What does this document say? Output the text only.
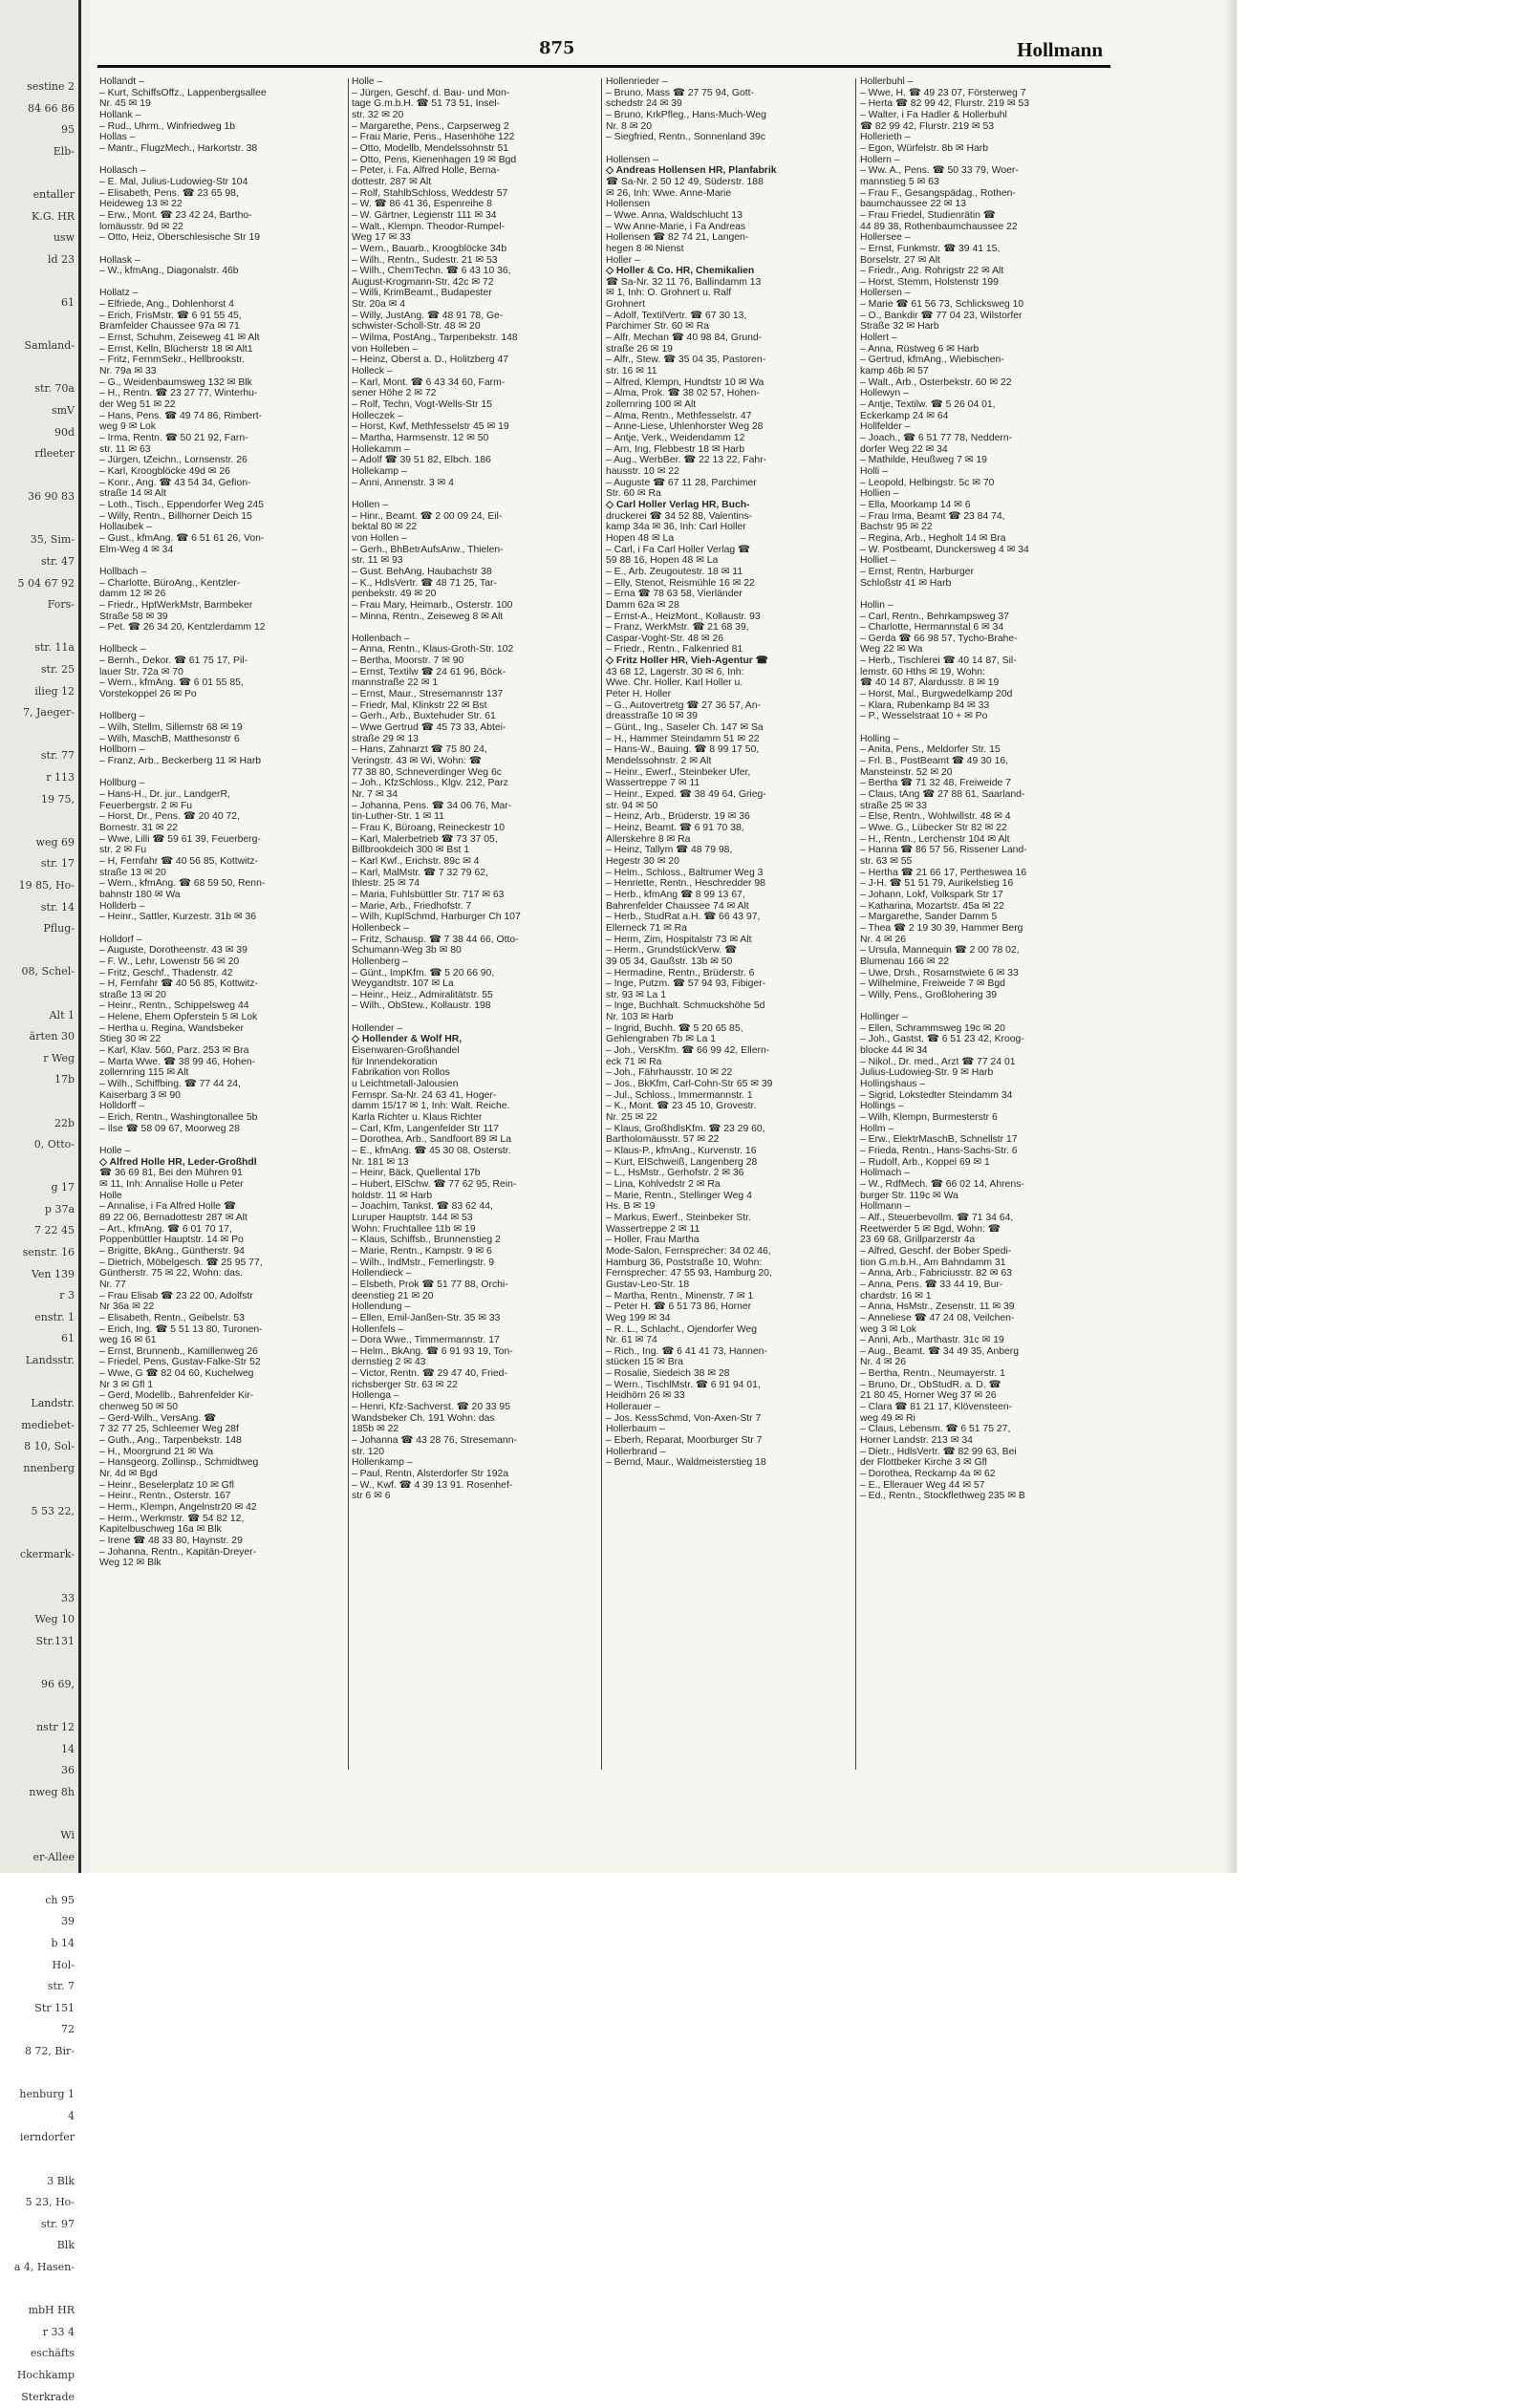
sestine 2
84 66 86
95
Elb-

entaller
K.G. HR
usw
ld 23

61

Samland-

str. 70a
smV
90d
rfleeter

36 90 83

35, Sim-
str. 47
5 04 67 92
Fors-

str. 11a
str. 25
ilieg 12
7, Jaeger-

str. 77
r 113
19 75,

weg 69
str. 17
19 85, Ho-
str. 14
Pflug-

08, Schel-

Alt 1
ärten 30
r Weg
17b

22b
0, Otto-

g 17
p 37a
7 22 45
senstr. 16
Ven 139
r 3
enstr. 1
61
Landsstr.

Landstr.
mediebet-
8 10, Sol-
nnenberg

5 53 22,

ckermark-

33
Weg 10
Str.131

96 69,

nstr 12
14
36
nweg 8h

Wi
er-Allee

ch 95
39
b 14
Hol-
str. 7
Str 151
72
8 72, Bir-

henburg 1
4
ierndorfer

3 Blk
5 23, Ho-
str. 97
Blk
a 4, Hasen-

mbH HR
r 33 4
eschäfts
Hochkamp
Sterkrade
875	Hollmann
Hollandt –
– Kurt, SchiffsOffz., Lappenbergsallee
Nr. 45 ✉ 19
Hollank –
– Rud., Uhrm., Winfriedweg 1b
Hollas –
– Mantr., FlugzMech., Harkortstr. 38

Hollasch –
– E. Mal, Julius-Ludowieg-Str 104
– Elisabeth, Pens. ☎ 23 65 98,
Heideweg 13 ✉ 22
– Erw., Mont. ☎ 23 42 24, Bartho-
lomäusstr. 9d ✉ 22
– Otto, Heiz, Oberschlesische Str 19

Hollask –
– W., kfmAng., Diagonalstr. 46b

Hollatz –
– Elfriede, Ang., Dohlenhorst 4
– Erich, FrisMstr. ☎ 6 91 55 45,
Bramfelder Chaussee 97a ✉ 71
– Ernst, Schuhm, Zeiseweg 41 ✉ Alt
– Ernst, Kelln, Blücherstr 18 ✉ Alt1
– Fritz, FernmSekr., Hellbrookstr.
Nr. 79a ✉ 33
– G., Weidenbaumsweg 132 ✉ Blk
– H., Rentn. ☎ 23 27 77, Winterhu-
der Weg 51 ✉ 22
– Hans, Pens. ☎ 49 74 86, Rimbert-
weg 9 ✉ Lok
– Irma, Rentn. ☎ 50 21 92, Farn-
str. 11 ✉ 63
– Jürgen, tZeichn., Lornsenstr. 26
– Karl, Kroogblöcke 49d ✉ 26
– Konr., Ang. ☎ 43 54 34, Gefion-
straße 14 ✉ Alt
– Loth., Tisch., Eppendorfer Weg 245
– Willy, Rentn., Billhorner Deich 15
Hollaubek –
– Gust., kfmAng. ☎ 6 51 61 26, Von-
Elm-Weg 4 ✉ 34

Hollbach –
– Charlotte, BüroAng., Kentzler-
damm 12 ✉ 26
– Friedr., HptWerkMstr, Barmbeker
Straße 58 ✉ 39
– Pet. ☎ 26 34 20, Kentzlerdamm 12

Hollbeck –
– Bernh., Dekor. ☎ 61 75 17, Pil-
lauer Str. 72a ✉ 70
– Wern., kfmAng. ☎ 6 01 55 85,
Vorstekoppel 26 ✉ Po

Hollberg –
– Wilh, Stellm, Sillemstr 68 ✉ 19
– Wilh, MaschB, Matthesonstr 6
Hollborn –
– Franz, Arb., Beckerberg 11 ✉ Harb

Hollburg –
– Hans-H., Dr. jur., LandgerR,
Feuerbergstr. 2 ✉ Fu
– Horst, Dr., Pens. ☎ 20 40 72,
Bornestr. 31 ✉ 22
– Wwe, Lilli ☎ 59 61 39, Feuerberg-
str. 2 ✉ Fu
– H, Fernfahr ☎ 40 56 85, Kottwitz-
straße 13 ✉ 20
– Wern., kfmAng. ☎ 68 59 50, Renn-
bahnstr 180 ✉ Wa
Hollderb –
– Heinr., Sattler, Kurzestr. 31b ✉ 36

Holldorf –
– Auguste, Dorotheenstr. 43 ✉ 39
– F. W., Lehr, Lowenstr 56 ✉ 20
– Fritz, Geschf., Thadenstr. 42
– H, Fernfahr ☎ 40 56 85, Kottwitz-
straße 13 ✉ 20
– Heinr., Rentn., Schippelsweg 44
– Helene, Ehem Opferstein 5 ✉ Lok
– Hertha u. Regina, Wandsbeker
Stieg 30 ✉ 22
– Karl, Klav. 560, Parz. 253 ✉ Bra
– Marta Wwe. ☎ 38 99 46, Hohen-
zollernring 115 ✉ Alt
– Wilh., Schiffbing. ☎ 77 44 24,
Kaiserbarg 3 ✉ 90
Holldorff –
– Erich, Rentn., Washingtonallee 5b
– Ilse ☎ 58 09 67, Moorweg 28

Holle –
◇ Alfred Holle HR, Leder-Großhdl
☎ 36 69 81, Bei den Mühren 91
✉ 11, Inh: Annalise Holle u Peter
Holle
– Annalise, i Fa Alfred Holle ☎
89 22 06, Bernadottestr 287 ✉ Alt
– Art., kfmAng. ☎ 6 01 70 17,
Poppenbüttler Hauptstr. 14 ✉ Po
– Brigitte, BkAng., Güntherstr. 94
– Dietrich, Möbelgesch. ☎ 25 95 77,
Güntherstr. 75 ✉ 22, Wohn: das.
Nr. 77
– Frau Elisab ☎ 23 22 00, Adolfstr
Nr 36a ✉ 22
– Elisabeth, Rentn., Geibelstr. 53
– Erich, Ing. ☎ 5 51 13 80, Turonen-
weg 16 ✉ 61
– Ernst, Brunnenb., Kamillenweg 26
– Friedel, Pens, Gustav-Falke-Str 52
– Wwe, G ☎ 82 04 60, Kuchelweg
Nr 3 ✉ Gfl 1
– Gerd, Modellb., Bahrenfelder Kir-
chenweg 50 ✉ 50
– Gerd-Wilh., VersAng. ☎
7 32 77 25, Schleemer Weg 28f
– Guth., Ang., Tarpenbekstr. 148
– H., Moorgrund 21 ✉ Wa
– Hansgeorg, Zollinsp., Schmidtweg
Nr. 4d ✉ Bgd
– Heinr., Beselerplatz 10 ✉ Gfl
– Heinr., Rentn., Osterstr. 167
– Herm., Klempn, Angelnstr20 ✉ 42
– Herm., Werkmstr. ☎ 54 82 12,
Kapitelbuschweg 16a ✉ Blk
– Irene ☎ 48 33 80, Haynstr. 29
– Johanna, Rentn., Kapitän-Dreyer-
Weg 12 ✉ Blk
Holle –
– Jürgen, Geschf. d. Bau- und Mon-
tage G.m.b.H. ☎ 51 73 51, Insel-
str. 32 ✉ 20
– Margarethe, Pens., Carpserweg 2
– Frau Marie, Pens., Hasenhöhe 122
– Otto, Modellb, Mendelssohnstr 51
– Otto, Pens, Kienenhagen 19 ✉ Bgd
– Peter, i. Fa. Alfred Holle, Berna-
dottestr. 287 ✉ Alt
– Rolf, StahlbSchloss, Weddestr 57
– W. ☎ 86 41 36, Espenreihe 8
– W. Gärtner, Legienstr 111 ✉ 34
– Walt., Klempn. Theodor-Rumpel-
Weg 17 ✉ 33
– Wern., Bauarb., Kroogblöcke 34b
– Wilh., Rentn., Sudestr. 21 ✉ 53
– Wilh., ChemTechn. ☎ 6 43 10 36,
August-Krogmann-Str. 42c ✉ 72
– Willi, KrimBeamt., Budapester
Str. 20a ✉ 4
– Willy, JustAng. ☎ 48 91 78, Ge-
schwister-Scholl-Str. 48 ✉ 20
– Wilma, PostAng., Tarpenbekstr. 148
von Holleben –
– Heinz, Oberst a. D., Holitzberg 47
Holleck –
– Karl, Mont. ☎ 6 43 34 60, Farm-
sener Höhe 2 ✉ 72
– Rolf, Techn, Vogt-Wells-Str 15
Holleczek –
– Horst, Kwf, Methfesselstr 45 ✉ 19
– Martha, Harmsenstr. 12 ✉ 50
Hollekamm –
– Adolf ☎ 39 51 82, Elbch. 186
Hollekamp –
– Anni, Annenstr. 3 ✉ 4

Hollen –
– Hinr., Beamt. ☎ 2 00 09 24, Eil-
bektal 80 ✉ 22
von Hollen –
– Gerh., BhBetrAufsAnw., Thielen-
str. 11 ✉ 93
– Gust. BehAng, Haubachstr 38
– K., HdlsVertr. ☎ 48 71 25, Tar-
penbekstr. 49 ✉ 20
– Frau Mary, Heimarb., Osterstr. 100
– Minna, Rentn., Zeiseweg 8 ✉ Alt

Hollenbach –
– Anna, Rentn., Klaus-Groth-Str. 102
– Bertha, Moorstr. 7 ✉ 90
– Ernst, Textilw ☎ 24 61 96, Böck-
mannstraße 22 ✉ 1
– Ernst, Maur., Stresemannstr 137
– Friedr, Mal, Klinkstr 22 ✉ Bst
– Gerh., Arb., Buxtehuder Str. 61
– Wwe Gertrud ☎ 45 73 33, Abtei-
straße 29 ✉ 13
– Hans, Zahnarzt ☎ 75 80 24,
Veringstr. 43 ✉ Wi, Wohn: ☎
77 38 80, Schneverdinger Weg 6c
– Joh., KfzSchloss., Klgv. 212, Parz
Nr. 7 ✉ 34
– Johanna, Pens. ☎ 34 06 76, Mar-
tin-Luther-Str. 1 ✉ 11
– Frau K, Büroang, Reineckestr 10
– Karl, Malerbetrieb ☎ 73 37 05,
Billbrookdeich 300 ✉ Bst 1
– Karl Kwf., Erichstr. 89c ✉ 4
– Karl, MalMstr. ☎ 7 32 79 62,
Ihlestr. 25 ✉ 74
– Maria, Fuhlsbüttler Str. 717 ✉ 63
– Marie, Arb., Friedhofstr. 7
– Wilh, KuplSchmd, Harburger Ch 107
Hollenbeck –
– Fritz, Schausp. ☎ 7 38 44 66, Otto-
Schumann-Weg 3b ✉ 80
Hollenberg –
– Günt., ImpKfm. ☎ 5 20 66 90,
Weygandtstr. 107 ✉ La
– Heinr., Heiz., Admiralitätstr. 55
– Wilh., ObStew., Kollaustr. 198

Hollender –
◇ Hollender & Wolf HR,
Eisenwaren-Großhandel
für Innendekoration
Fabrikation von Rollos
u Leichtmetall-Jalousien
Fernspr. Sa-Nr. 24 63 41, Hoger-
damm 15/17 ✉ 1, Inh: Walt. Reiche.
Karla Richter u. Klaus Richter
– Carl, Kfm, Langenfelder Str 117
– Dorothea, Arb., Sandfoort 89 ✉ La
– E., kfmAng. ☎ 45 30 08, Osterstr.
Nr. 181 ✉ 13
– Heinr, Bäck, Quellental 17b
– Hubert, ElSchw. ☎ 77 62 95, Rein-
holdstr. 11 ✉ Harb
– Joachim, Tankst. ☎ 83 62 44,
Luruper Hauptstr. 144 ✉ 53
Wohn: Fruchtallee 11b ✉ 19
– Klaus, Schiffsb., Brunnenstieg 2
– Marie, Rentn., Kampstr. 9 ✉ 6
– Wilh., IndMstr., Femerlingstr. 9
Hollendieck –
– Elsbeth, Prok ☎ 51 77 88, Orchi-
deenstieg 21 ✉ 20
Hollendung –
– Ellen, Emil-Janßen-Str. 35 ✉ 33
Hollenfels –
– Dora Wwe., Timmermannstr. 17
– Helm., BkAng. ☎ 6 91 93 19, Ton-
dernstieg 2 ✉ 43
– Victor, Rentn. ☎ 29 47 40, Fried-
richsberger Str. 63 ✉ 22
Hollenga –
– Henri, Kfz-Sachverst. ☎ 20 33 95
Wandsbeker Ch. 191 Wohn: das
185b ✉ 22
– Johanna ☎ 43 28 76, Stresemann-
str. 120
Hollenkamp –
– Paul, Rentn, Alsterdorfer Str 192a
– W., Kwf. ☎ 4 39 13 91. Rosenhef-
str 6 ✉ 6
Hollenrieder –
– Bruno, Mass ☎ 27 75 94, Gott-
schedstr 24 ✉ 39
– Bruno, KrkPfleg., Hans-Much-Weg
Nr. 8 ✉ 20
– Siegfried, Rentn., Sonnenland 39c

Hollensen –
◇ Andreas Hollensen HR, Planfabrik
☎ Sa-Nr. 2 50 12 49, Süderstr. 188
✉ 26, Inh: Wwe. Anne-Marie
Hollensen
– Wwe. Anna, Waldschlucht 13
– Ww Anne-Marie, i Fa Andreas
Hollensen ☎ 82 74 21, Langen-
hegen 8 ✉ Nienst
Holler –
◇ Holler & Co. HR, Chemikalien
☎ Sa-Nr. 32 11 76, Ballindamm 13
✉ 1, Inh: O. Grohnert u. Ralf
Grohnert
– Adolf, TextilVertr. ☎ 67 30 13,
Parchimer Str. 60 ✉ Ra
– Alfr. Mechan ☎ 40 98 84, Grund-
straße 26 ✉ 19
– Alfr., Stew. ☎ 35 04 35, Pastoren-
str. 16 ✉ 11
– Alfred, Klempn, Hundtstr 10 ✉ Wa
– Alma, Prok. ☎ 38 02 57, Hohen-
zollernring 100 ✉ Alt
– Alma, Rentn., Methfesselstr. 47
– Anne-Liese, Uhlenhorster Weg 28
– Antje, Verk., Weidendamm 12
– Arn, Ing, Flebbestr 18 ✉ Harb
– Aug., WerbBer. ☎ 22 13 22, Fahr-
hausstr. 10 ✉ 22
– Auguste ☎ 67 11 28, Parchimer
Str. 60 ✉ Ra
◇ Carl Holler Verlag HR, Buch-
druckerei ☎ 34 52 88, Valentins-
kamp 34a ✉ 36, Inh: Carl Holler
Hopen 48 ✉ La
– Carl, i Fa Carl Holler Verlag ☎
59 88 16, Hopen 48 ✉ La
– E., Arb. Zeugoutestr. 18 ✉ 11
– Elly, Stenot, Reismühle 16 ✉ 22
– Erna ☎ 78 63 58, Vierländer
Damm 62a ✉ 28
– Ernst-A., HeizMont., Kollaustr. 93
– Franz, WerkMstr. ☎ 21 68 39,
Caspar-Voght-Str. 48 ✉ 26
– Friedr., Rentn., Falkenried 81
◇ Fritz Holler HR, Vieh-Agentur ☎
43 68 12, Lagerstr. 30 ✉ 6, Inh:
Wwe. Chr. Holler, Karl Holler u.
Peter H. Holler
– G., Autovertretg ☎ 27 36 57, An-
dreasstraße 10 ✉ 39
– Günt., Ing., Saseler Ch. 147 ✉ Sa
– H., Hammer Steindamm 51 ✉ 22
– Hans-W., Bauing. ☎ 8 99 17 50,
Mendelssohnstr. 2 ✉ Alt
– Heinr., Ewerf., Steinbeker Ufer,
Wassertreppe 7 ✉ 11
– Heinr., Exped. ☎ 38 49 64, Grieg-
str. 94 ✉ 50
– Heinz, Arb., Brüderstr. 19 ✉ 36
– Heinz, Beamt. ☎ 6 91 70 38,
Allerskehre 8 ✉ Ra
– Heinz, Tallym ☎ 48 79 98,
Hegestr 30 ✉ 20
– Helm., Schloss., Baltrumer Weg 3
– Henriette, Rentn., Heschredder 98
– Herb., kfmAng ☎ 8 99 13 67,
Bahrenfelder Chaussee 74 ✉ Alt
– Herb., StudRat a.H. ☎ 66 43 97,
Ellerneck 71 ✉ Ra
– Herm, Zim, Hospitalstr 73 ✉ Alt
– Herm., GrundstückVerw. ☎
39 05 34, Gaußstr. 13b ✉ 50
– Hermadine, Rentn., Brüderstr. 6
– Inge, Putzm. ☎ 57 94 93, Fibiger-
str. 93 ✉ La 1
– Inge, Buchhalt. Schmuckshöhe 5d
Nr. 103 ✉ Harb
– Ingrid, Buchh. ☎ 5 20 65 85,
Gehlengraben 7b ✉ La 1
– Joh., VersKfm. ☎ 66 99 42, Ellern-
eck 71 ✉ Ra
– Joh., Fährhausstr. 10 ✉ 22
– Jos., BkKfm, Carl-Cohn-Str 65 ✉ 39
– Jul., Schloss., Immermannstr. 1
– K., Mont. ☎ 23 45 10, Grovestr.
Nr. 25 ✉ 22
– Klaus, GroßhdlsKfm. ☎ 23 29 60,
Bartholomäusstr. 57 ✉ 22
– Klaus-P., kfmAng., Kurvenstr. 16
– Kurt, ElSchweiß, Langenberg 28
– L., HsMstr., Gerhofstr. 2 ✉ 36
– Lina, Kohlvedstr 2 ✉ Ra
– Marie, Rentn., Stellinger Weg 4
Hs. B ✉ 19
– Markus, Ewerf., Steinbeker Str.
Wassertreppe 2 ✉ 11
– Holler, Frau Martha
Mode-Salon, Fernsprecher: 34 02 46,
Hamburg 36, Poststraße 10, Wohn:
Fernsprecher: 47 55 93, Hamburg 20,
Gustav-Leo-Str. 18
– Martha, Rentn., Minenstr. 7 ✉ 1
– Peter H. ☎ 6 51 73 86, Horner
Weg 199 ✉ 34
– R. L., Schlacht., Ojendorfer Weg
Nr. 61 ✉ 74
– Rich., Ing. ☎ 6 41 41 73, Hannen-
stücken 15 ✉ Bra
– Rosalie, Siedeich 38 ✉ 28
– Wern., TischlMstr. ☎ 6 91 94 01,
Heidhörn 26 ✉ 33
Hollerauer –
– Jos. KessSchmd, Von-Axen-Str 7
Hollerbaum –
– Eberh, Reparat, Moorburger Str 7
Hollerbrand –
– Bernd, Maur., Waldmeisterstieg 18
Hollerbuhl –
– Wwe, H. ☎ 49 23 07, Försterweg 7
– Herta ☎ 82 99 42, Flurstr. 219 ✉ 53
– Walter, i Fa Hadler & Hollerbuhl
☎ 82 99 42, Flurstr. 219 ✉ 53
Hollerieth –
– Egon, Würfelstr. 8b ✉ Harb
Hollern –
– Ww. A., Pens. ☎ 50 33 79, Woer-
mannstieg 5 ✉ 63
– Frau F., Gesangspädag., Rothen-
baumchaussee 22 ✉ 13
– Frau Friedel, Studienrätin ☎
44 89 38, Rothenbaumchaussee 22
Hollersee –
– Ernst, Funkmstr. ☎ 39 41 15,
Borselstr. 27 ✉ Alt
– Friedr., Ang. Rohrigstr 22 ✉ Alt
– Horst, Stemm, Holstenstr 199
Hollersen –
– Marie ☎ 61 56 73, Schlicksweg 10
– O., Bankdir ☎ 77 04 23, Wilstorfer
Straße 32 ✉ Harb
Hollert –
– Anna, Rüstweg 6 ✉ Harb
– Gertrud, kfmAng., Wiebischen-
kamp 46b ✉ 57
– Walt., Arb., Osterbekstr. 60 ✉ 22
Hollewyn –
– Antje, Textilw. ☎ 5 26 04 01,
Eckerkamp 24 ✉ 64
Hollfelder –
– Joach., ☎ 6 51 77 78, Neddern-
dorfer Weg 22 ✉ 34
– Mathilde, Heußweg 7 ✉ 19
Holli –
– Leopold, Helbingstr. 5c ✉ 70
Hollien –
– Ella, Moorkamp 14 ✉ 6
– Frau Irma, Beamt ☎ 23 84 74,
Bachstr 95 ✉ 22
– Regina, Arb., Hegholt 14 ✉ Bra
– W. Postbeamt, Dunckersweg 4 ✉ 34
Holliet –
– Ernst, Rentn, Harburger
Schloßstr 41 ✉ Harb

Hollin –
– Carl, Rentn., Behrkampsweg 37
– Charlotte, Hermannstal 6 ✉ 34
– Gerda ☎ 66 98 57, Tycho-Brahe-
Weg 22 ✉ Wa
– Herb., Tischlerei ☎ 40 14 87, Sil-
lemstr. 60 Hths ✉ 19, Wohn:
☎ 40 14 87, Alardusstr. 8 ✉ 19
– Horst, Mal., Burgwedelkamp 20d
– Klara, Rubenkamp 84 ✉ 33
– P., Wesselstraat 10 + ✉ Po

Holling –
– Anita, Pens., Meldorfer Str. 15
– Frl. B., PostBeamt ☎ 49 30 16,
Mansteinstr. 52 ✉ 20
– Bertha ☎ 71 32 48, Freiweide 7
– Claus, tAng ☎ 27 88 61, Saarland-
straße 25 ✉ 33
– Else, Rentn., Wohlwillstr. 48 ✉ 4
– Wwe. G., Lübecker Str 82 ✉ 22
– H., Rentn., Lerchenstr 104 ✉ Alt
– Hanna ☎ 86 57 56, Rissener Land-
str. 63 ✉ 55
– Hertha ☎ 21 66 17, Pertheswea 16
– J-H. ☎ 51 51 79, Aurikelstieg 16
– Johann, Lokf, Volkspark Str 17
– Katharina, Mozartstr. 45a ✉ 22
– Margarethe, Sander Damm 5
– Thea ☎ 2 19 30 39, Hammer Berg
Nr. 4 ✉ 26
– Ursula, Mannequin ☎ 2 00 78 02,
Blumenau 166 ✉ 22
– Uwe, Drsh., Rosamstwiete 6 ✉ 33
– Wilhelmine, Freiweide 7 ✉ Bgd
– Willy, Pens., Großlohering 39

Hollinger –
– Ellen, Schrammsweg 19c ✉ 20
– Joh., Gastst. ☎ 6 51 23 42, Kroog-
blocke 44 ✉ 34
– Nikol., Dr. med., Arzt ☎ 77 24 01
Julius-Ludowieg-Str. 9 ✉ Harb
Hollingshaus –
– Sigrid, Lokstedter Steindamm 34
Hollings –
– Wilh, Klempn, Burmesterstr 6
Hollm –
– Erw., ElektrMaschB, Schnellstr 17
– Frieda, Rentn., Hans-Sachs-Str. 6
– Rudolf, Arb., Koppel 69 ✉ 1
Hollmach –
– W., RdfMech. ☎ 66 02 14, Ahrens-
burger Str. 119c ✉ Wa
Hollmann –
– Alf., Steuerbevollm. ☎ 71 34 64,
Reetwerder 5 ✉ Bgd, Wohn: ☎
23 69 68, Grillparzerstr 4a
– Alfred, Geschf. der Bober Spedi-
tion G.m.b.H., Am Bahndamm 31
– Anna, Arb., Fabriciusstr. 82 ✉ 63
– Anna, Pens. ☎ 33 44 19, Bur-
chardstr. 16 ✉ 1
– Anna, HsMstr., Zesenstr. 11 ✉ 39
– Anneliese ☎ 47 24 08, Veilchen-
weg 3 ✉ Lok
– Anni, Arb., Marthastr. 31c ✉ 19
– Aug., Beamt. ☎ 34 49 35, Anberg
Nr. 4 ✉ 26
– Bertha, Rentn., Neumayerstr. 1
– Bruno, Dr., ObStudR. a. D. ☎
21 80 45, Horner Weg 37 ✉ 26
– Clara ☎ 81 21 17, Klövensteen-
weg 49 ✉ Ri
– Claus, Lebensm. ☎ 6 51 75 27,
Horner Landstr. 213 ✉ 34
– Dietr., HdlsVertr. ☎ 82 99 63, Bei
der Flottbeker Kirche 3 ✉ Gfl
– Dorothea, Reckamp 4a ✉ 62
– E., Ellerauer Weg 44 ✉ 57
– Ed., Rentn., Stockflethweg 235 ✉ B
